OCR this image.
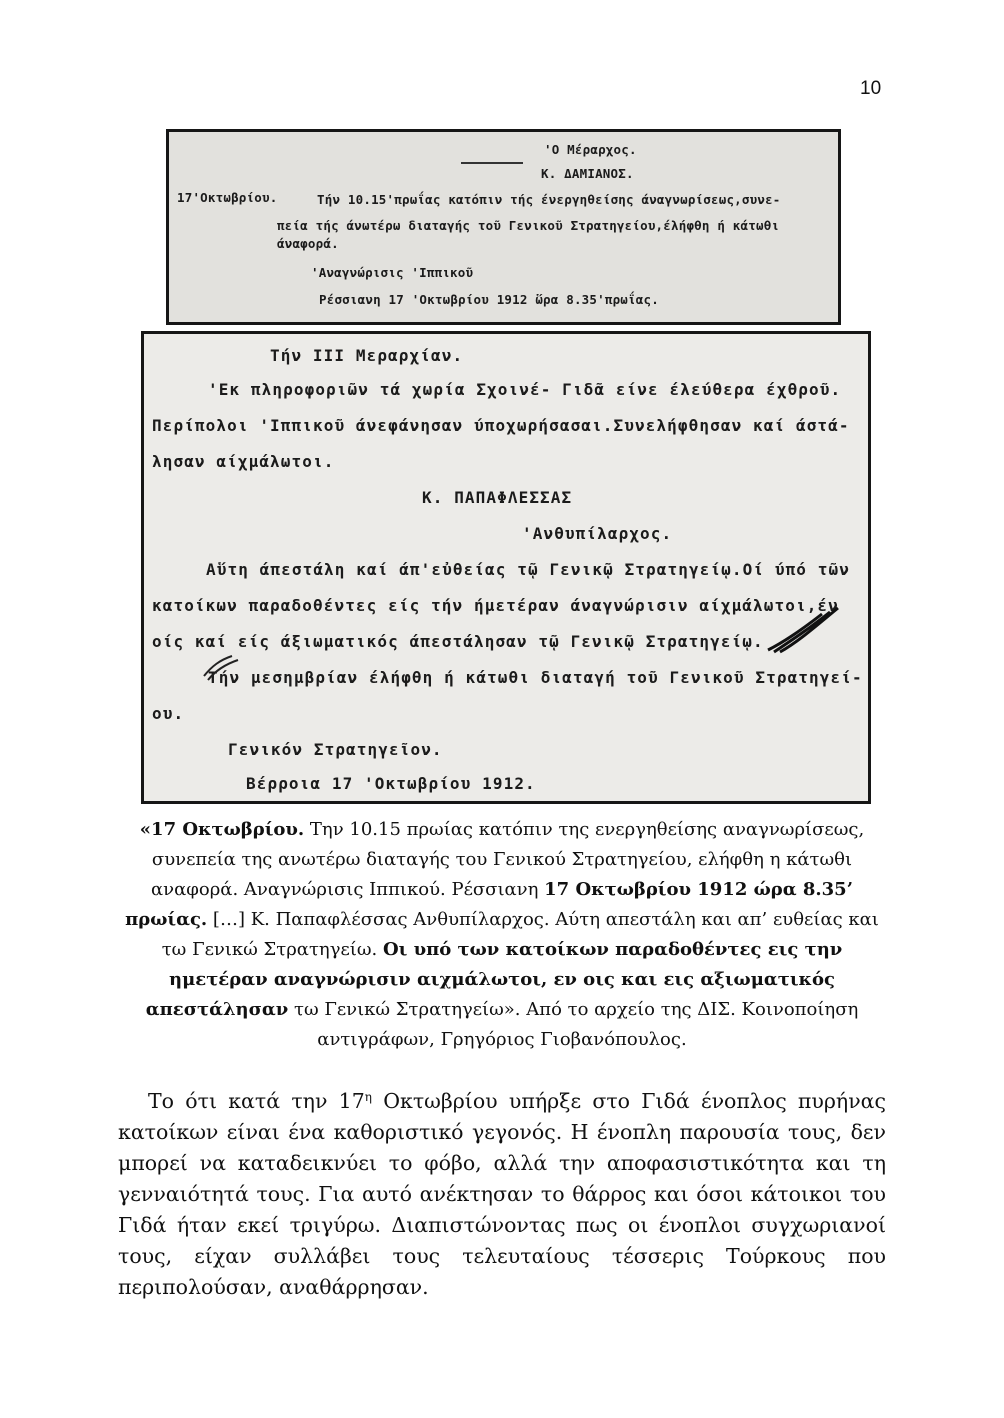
10
'Ο Μέραρχος.
Κ. ΔΑΜΙΑΝΟΣ.
17'Οκτωβρίου.	Τήν 10.15'πρωΐας κατόπιν τής ένεργηθείσης άναγνωρίσεως,συνε-
πεία τής άνωτέρω διαταγής τοῦ Γενικοῦ Στρατηγείου,έλήφθη ή κάτωθι
άναφορά.
'Αναγνώρισις 'Ιππικοῦ
Ρέσσιανη 17 'Οκτωβρίου 1912 ὥρα 8.35'πρωΐας.
Τήν ΙΙΙ Μεραρχίαν.
'Εκ πληροφοριῶν τά χωρία Σχοινέ- Γιδᾶ είνε έλεύθερα έχθροῦ.
Περίπολοι 'Ιππικοῦ άνεφάνησαν ύποχωρήσασαι.Συνελήφθησαν καί άστά-
λησαν αίχμάλωτοι.
Κ. ΠΑΠΑΦΛΕΣΣΑΣ
'Ανθυπίλαρχος.
Αὕτη άπεστάλη καί άπ'εὐθείας τῷ Γενικῷ Στρατηγείῳ.Οί ύπό τῶν
κατοίκων παραδοθέντες είς τήν ήμετέραν άναγνώρισιν αίχμάλωτοι,έν
οίς καί είς άξιωματικός άπεστάλησαν τῷ Γενικῷ Στρατηγείῳ.
Τήν μεσημβρίαν έλήφθη ή κάτωθι διαταγή τοῦ Γενικοῦ Στρατηγεί-
ου.
Γενικόν Στρατηγεῖον.
Βέρροια 17 'Οκτωβρίου 1912.

«17 Οκτωβρίου. Την 10.15 πρωίας κατόπιν της ενεργηθείσης αναγνωρίσεως, συνεπεία της ανωτέρω διαταγής του Γενικού Στρατηγείου, ελήφθη η κάτωθι αναφορά. Αναγνώρισις Ιππικού. Ρέσσιανη 17 Οκτωβρίου 1912 ώρα 8.35’ πρωίας. […] Κ. Παπαφλέσσας Ανθυπίλαρχος. Αύτη απεστάλη και απ’ ευθείας και τω Γενικώ Στρατηγείω. Οι υπό των κατοίκων παραδοθέντες εις την ημετέραν αναγνώρισιν αιχμάλωτοι, εν οις και εις αξιωματικός απεστάλησαν τω Γενικώ Στρατηγείω». Από το αρχείο της ΔΙΣ. Κοινοποίηση αντιγράφων, Γρηγόριος Γιοβανόπουλος.

Το ότι κατά την $17^\eta$ Οκτωβρίου υπήρξε στο Γιδά ένοπλος πυρήνας κατοίκων είναι ένα καθοριστικό γεγονός. Η ένοπλη παρουσία τους, δεν μπορεί να καταδεικνύει το φόβο, αλλά την αποφασιστικότητα και τη γενναιότητά τους. Για αυτό ανέκτησαν το θάρρος και όσοι κάτοικοι του Γιδά ήταν εκεί τριγύρω. Διαπιστώνοντας πως οι ένοπλοι συγχωριανοί τους, είχαν συλλάβει τους τελευταίους τέσσερις Τούρκους που περιπολούσαν, αναθάρρησαν.
